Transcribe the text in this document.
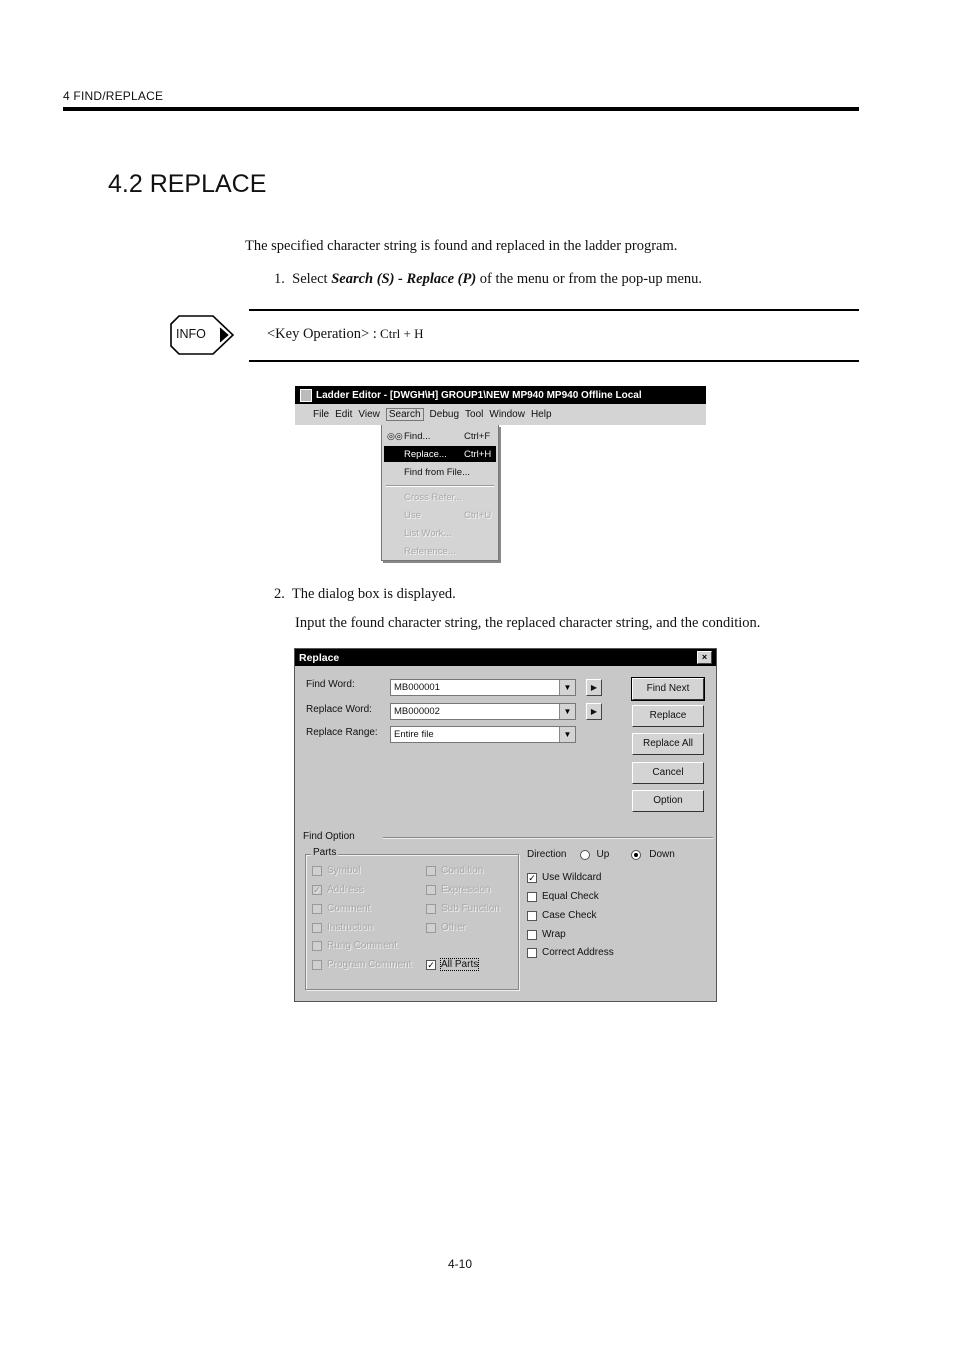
4 FIND/REPLACE
4.2 REPLACE
The specified character string is found and replaced in the ladder program.
1. Select Search (S) - Replace (P) of the menu or from the pop-up menu.
INFO	<Key Operation> : Ctrl + H
Ladder Editor - [DWGH\H] GROUP1\NEW MP940 MP940 Offline Local
File Edit View Search Debug Tool Window Help
◎◎ Find...	Ctrl+F
Replace... Ctrl+H
Find from File...
Cross Refer...
Use	Ctrl+U
List Work...
Reference...
2. The dialog box is displayed.
Input the found character string, the replaced character string, and the condition.
Replace	×
Find Word:	MB000001	▼	▶
Replace Word:	MB000002	▼	▶
Replace Range:	Entire file	▼
Find Next
Replace
Replace All
Cancel
Option
Find Option
Parts
Symbol
✓ Address
Comment
Instruction
Rung Comment
Program Comment
Condition
Expression
Sub Function
Other
✓ All Parts
Direction	Up	Down
✓ Use Wildcard
Equal Check
Case Check
Wrap
Correct Address
4-10
